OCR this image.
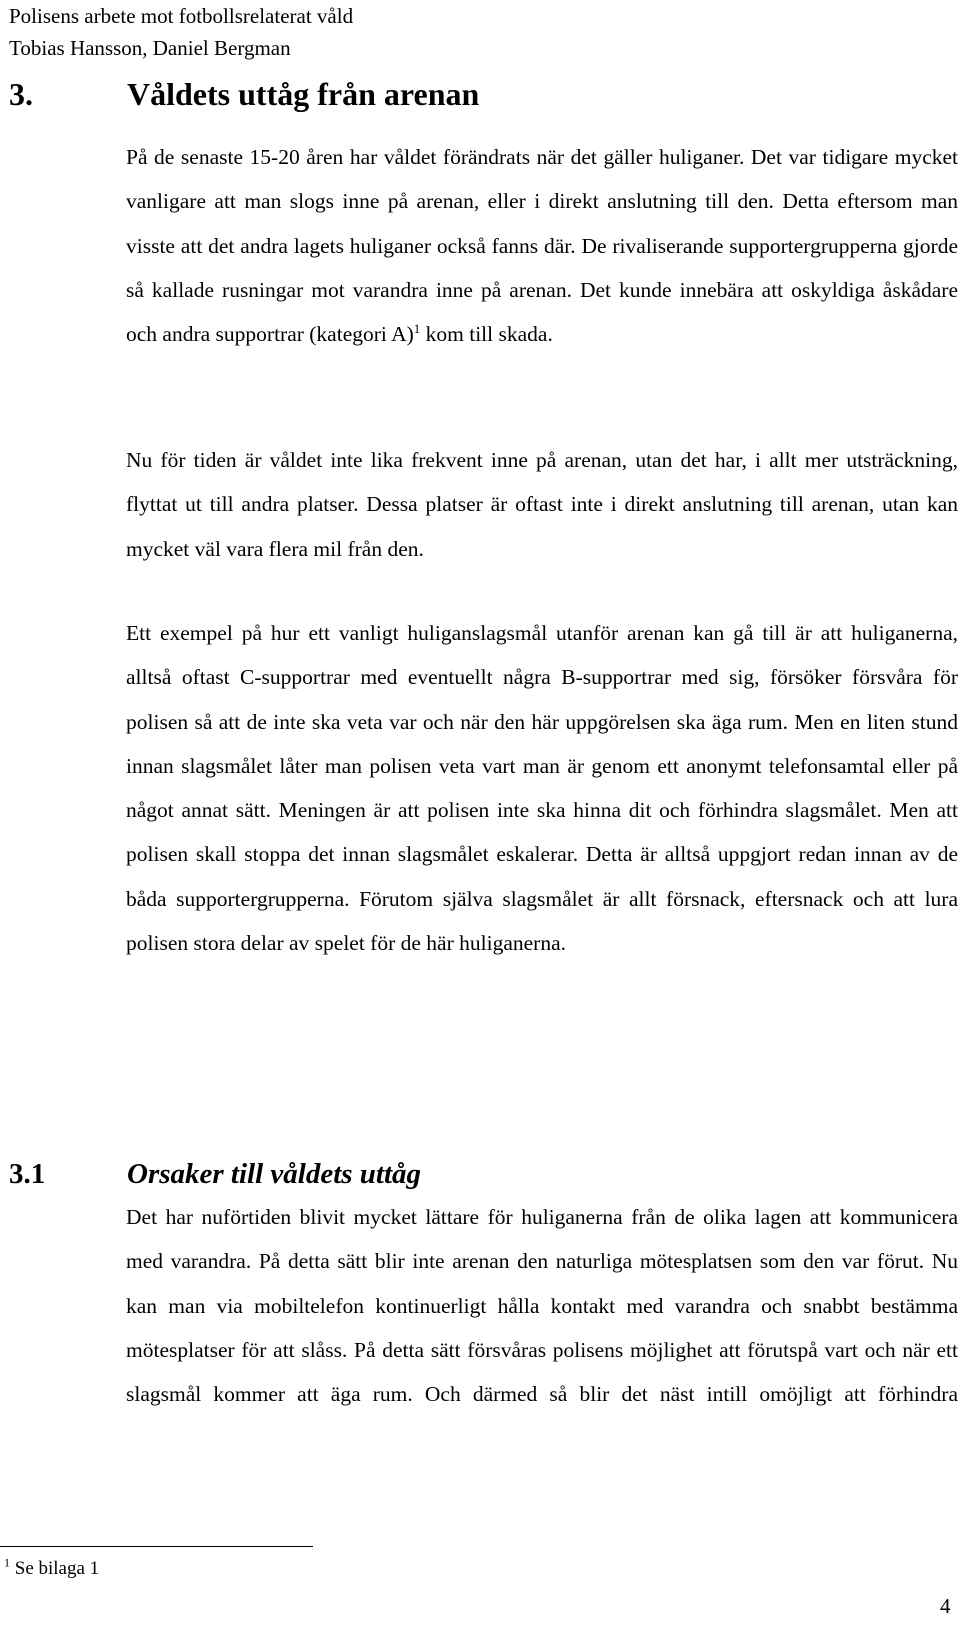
Polisens arbete mot fotbollsrelaterat våld
Tobias Hansson, Daniel Bergman
3.	Våldets uttåg från arenan
På de senaste 15-20 åren har våldet förändrats när det gäller huliganer. Det var tidigare mycket vanligare att man slogs inne på arenan, eller i direkt anslutning till den. Detta eftersom man visste att det andra lagets huliganer också fanns där. De rivaliserande supportergrupperna gjorde så kallade rusningar mot varandra inne på arenan. Det kunde innebära att oskyldiga åskådare och andra supportrar (kategori A)$^1$ kom till skada.
Nu för tiden är våldet inte lika frekvent inne på arenan, utan det har, i allt mer utsträckning, flyttat ut till andra platser. Dessa platser är oftast inte i direkt anslutning till arenan, utan kan mycket väl vara flera mil från den.
Ett exempel på hur ett vanligt huliganslagsmål utanför arenan kan gå till är att huliganerna, alltså oftast C-supportrar med eventuellt några B-supportrar med sig, försöker försvåra för polisen så att de inte ska veta var och när den här uppgörelsen ska äga rum. Men en liten stund innan slagsmålet låter man polisen veta vart man är genom ett anonymt telefonsamtal eller på något annat sätt. Meningen är att polisen inte ska hinna dit och förhindra slagsmålet. Men att polisen skall stoppa det innan slagsmålet eskalerar. Detta är alltså uppgjort redan innan av de båda supportergrupperna. Förutom själva slagsmålet är allt försnack, eftersnack och att lura polisen stora delar av spelet för de här huliganerna.
3.1	Orsaker till våldets uttåg
Det har nuförtiden blivit mycket lättare för huliganerna från de olika lagen att kommunicera med varandra. På detta sätt blir inte arenan den naturliga mötesplatsen som den var förut. Nu kan man via mobiltelefon kontinuerligt hålla kontakt med varandra och snabbt bestämma mötesplatser för att slåss. På detta sätt försvåras polisens möjlighet att förutspå vart och när ett slagsmål kommer att äga rum. Och därmed så blir det näst intill omöjligt att förhindra
$^1$ Se bilaga 1
4
